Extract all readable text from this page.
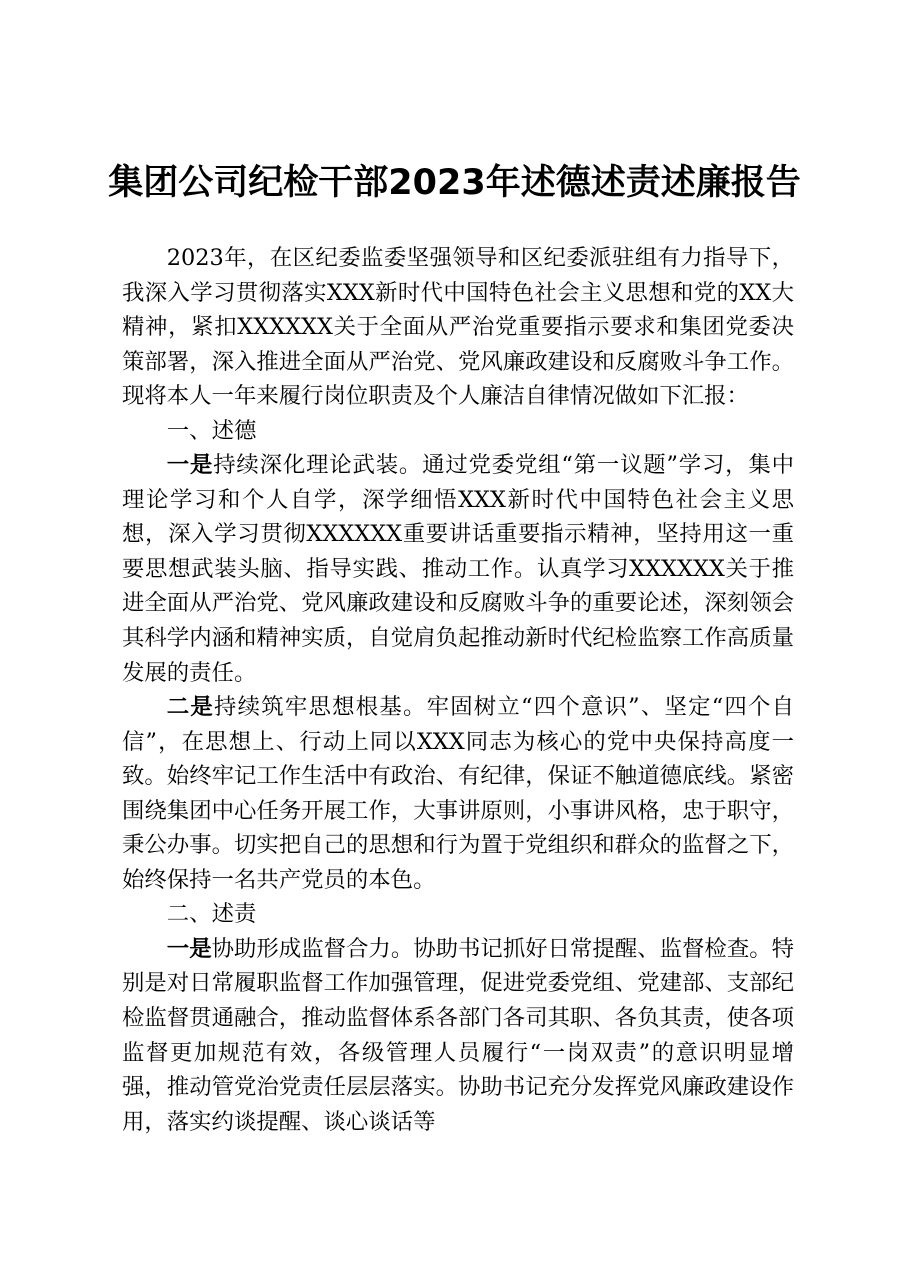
集团公司纪检干部2023年述德述责述廉报告

2023年，在区纪委监委坚强领导和区纪委派驻组有力指导下，我深入学习贯彻落实XXX新时代中国特色社会主义思想和党的XX大精神，紧扣XXXXXX关于全面从严治党重要指示要求和集团党委决策部署，深入推进全面从严治党、党风廉政建设和反腐败斗争工作。现将本人一年来履行岗位职责及个人廉洁自律情况做如下汇报：

一、述德

一是持续深化理论武装。通过党委党组“第一议题”学习，集中理论学习和个人自学，深学细悟XXX新时代中国特色社会主义思想，深入学习贯彻XXXXXX重要讲话重要指示精神，坚持用这一重要思想武装头脑、指导实践、推动工作。认真学习XXXXXX关于推进全面从严治党、党风廉政建设和反腐败斗争的重要论述，深刻领会其科学内涵和精神实质，自觉肩负起推动新时代纪检监察工作高质量发展的责任。

二是持续筑牢思想根基。牢固树立“四个意识”、坚定“四个自信”，在思想上、行动上同以XXX同志为核心的党中央保持高度一致。始终牢记工作生活中有政治、有纪律，保证不触道德底线。紧密围绕集团中心任务开展工作，大事讲原则，小事讲风格，忠于职守，秉公办事。切实把自己的思想和行为置于党组织和群众的监督之下，始终保持一名共产党员的本色。

二、述责

一是协助形成监督合力。协助书记抓好日常提醒、监督检查。特别是对日常履职监督工作加强管理，促进党委党组、党建部、支部纪检监督贯通融合，推动监督体系各部门各司其职、各负其责，使各项监督更加规范有效，各级管理人员履行“一岗双责”的意识明显增强，推动管党治党责任层层落实。协助书记充分发挥党风廉政建设作用，落实约谈提醒、谈心谈话等
